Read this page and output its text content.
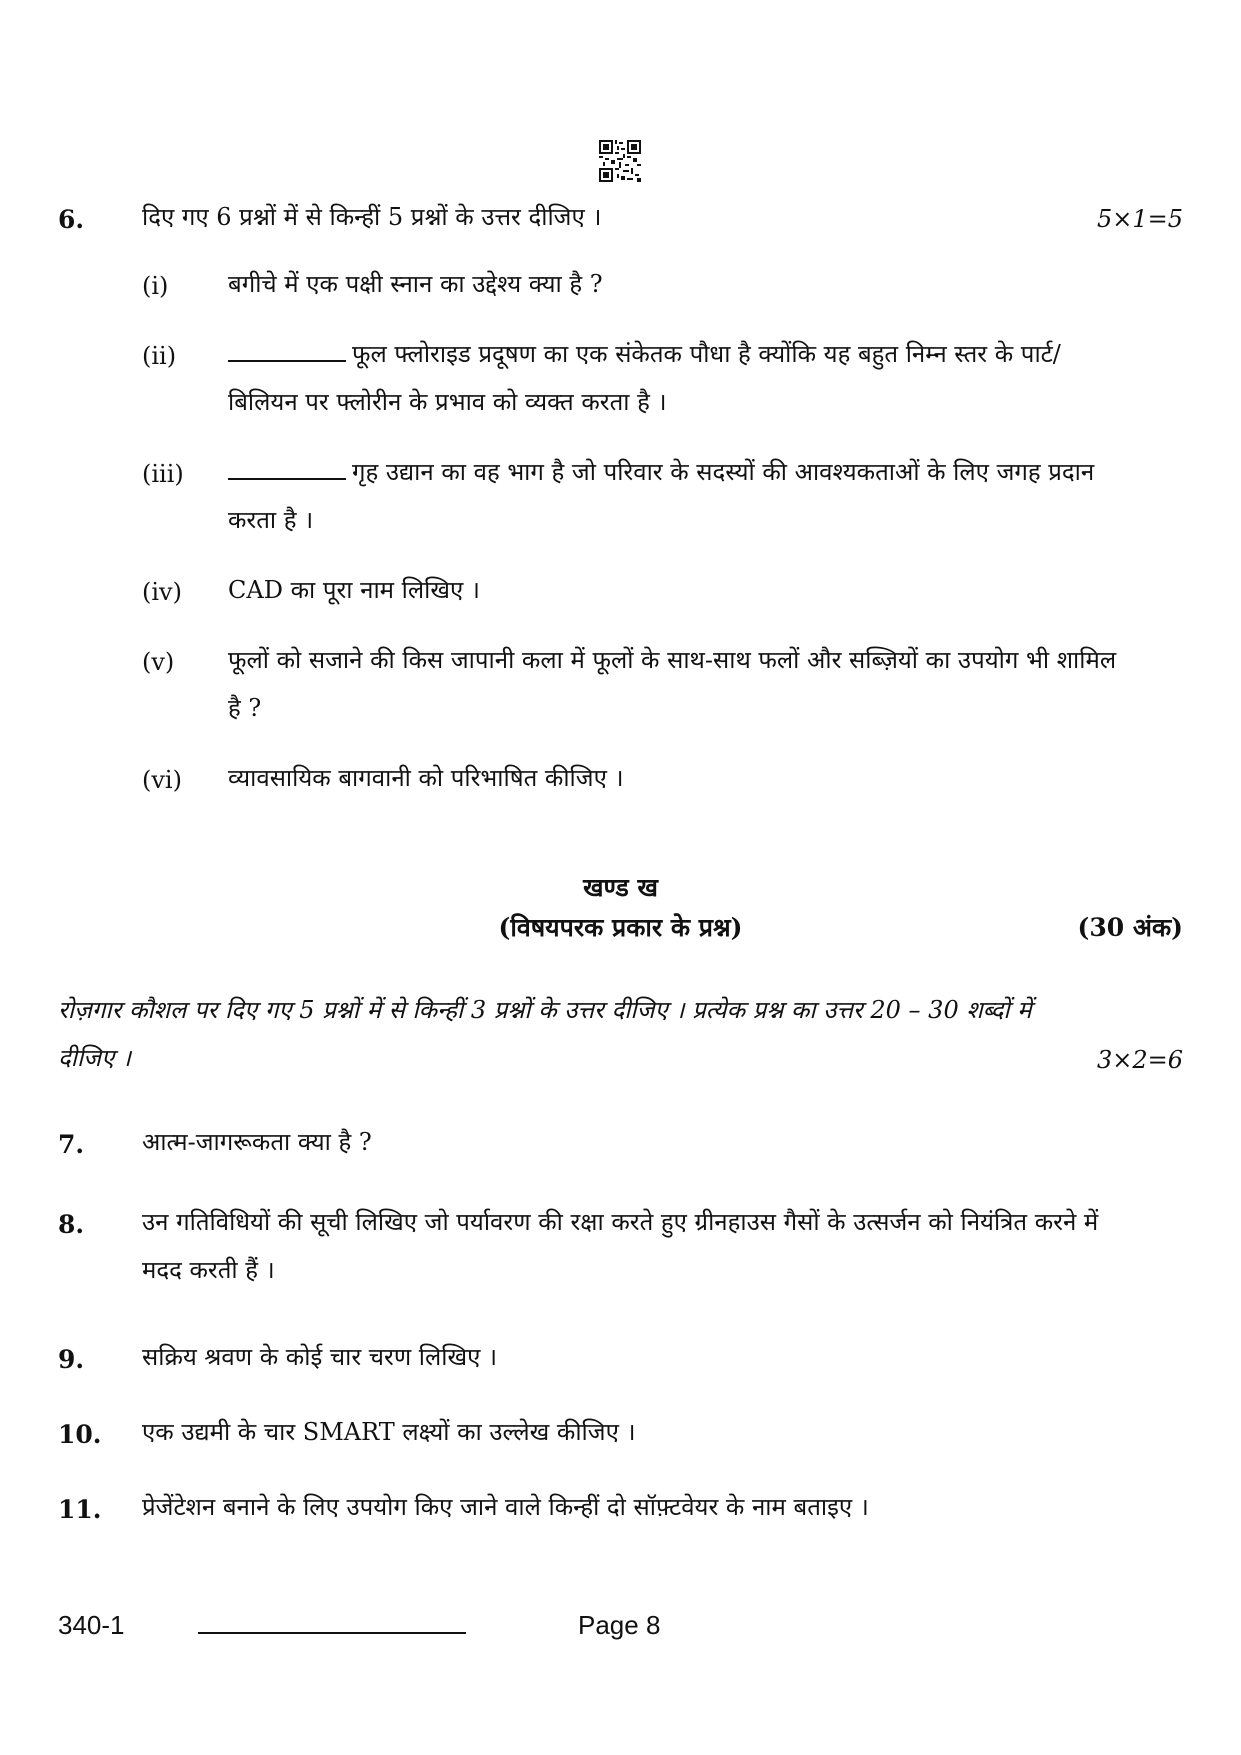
6. दिए गए 6 प्रश्नों में से किन्हीं 5 प्रश्नों के उत्तर दीजिए ।	5×1=5
(i) बगीचे में एक पक्षी स्नान का उद्देश्य क्या है ?
(ii)	फूल फ्लोराइड प्रदूषण का एक संकेतक पौधा है क्योंकि यह बहुत निम्न स्तर के पार्ट/बिलियन पर फ्लोरीन के प्रभाव को व्यक्त करता है ।
(iii)	गृह उद्यान का वह भाग है जो परिवार के सदस्यों की आवश्यकताओं के लिए जगह प्रदान करता है ।
(iv) CAD का पूरा नाम लिखिए ।
(v) फूलों को सजाने की किस जापानी कला में फूलों के साथ-साथ फलों और सब्ज़ियों का उपयोग भी शामिल है ?
(vi) व्यावसायिक बागवानी को परिभाषित कीजिए ।
खण्ड ख
(विषयपरक प्रकार के प्रश्न)	(30 अंक)
रोज़गार कौशल पर दिए गए 5 प्रश्नों में से किन्हीं 3 प्रश्नों के उत्तर दीजिए । प्रत्येक प्रश्न का उत्तर 20 – 30 शब्दों में दीजिए ।	3×2=6
7. आत्म-जागरूकता क्या है ?
8. उन गतिविधियों की सूची लिखिए जो पर्यावरण की रक्षा करते हुए ग्रीनहाउस गैसों के उत्सर्जन को नियंत्रित करने में मदद करती हैं ।
9. सक्रिय श्रवण के कोई चार चरण लिखिए ।
10. एक उद्यमी के चार SMART लक्ष्यों का उल्लेख कीजिए ।
11. प्रेजेंटेशन बनाने के लिए उपयोग किए जाने वाले किन्हीं दो सॉफ़्टवेयर के नाम बताइए ।
340-1	Page 8
